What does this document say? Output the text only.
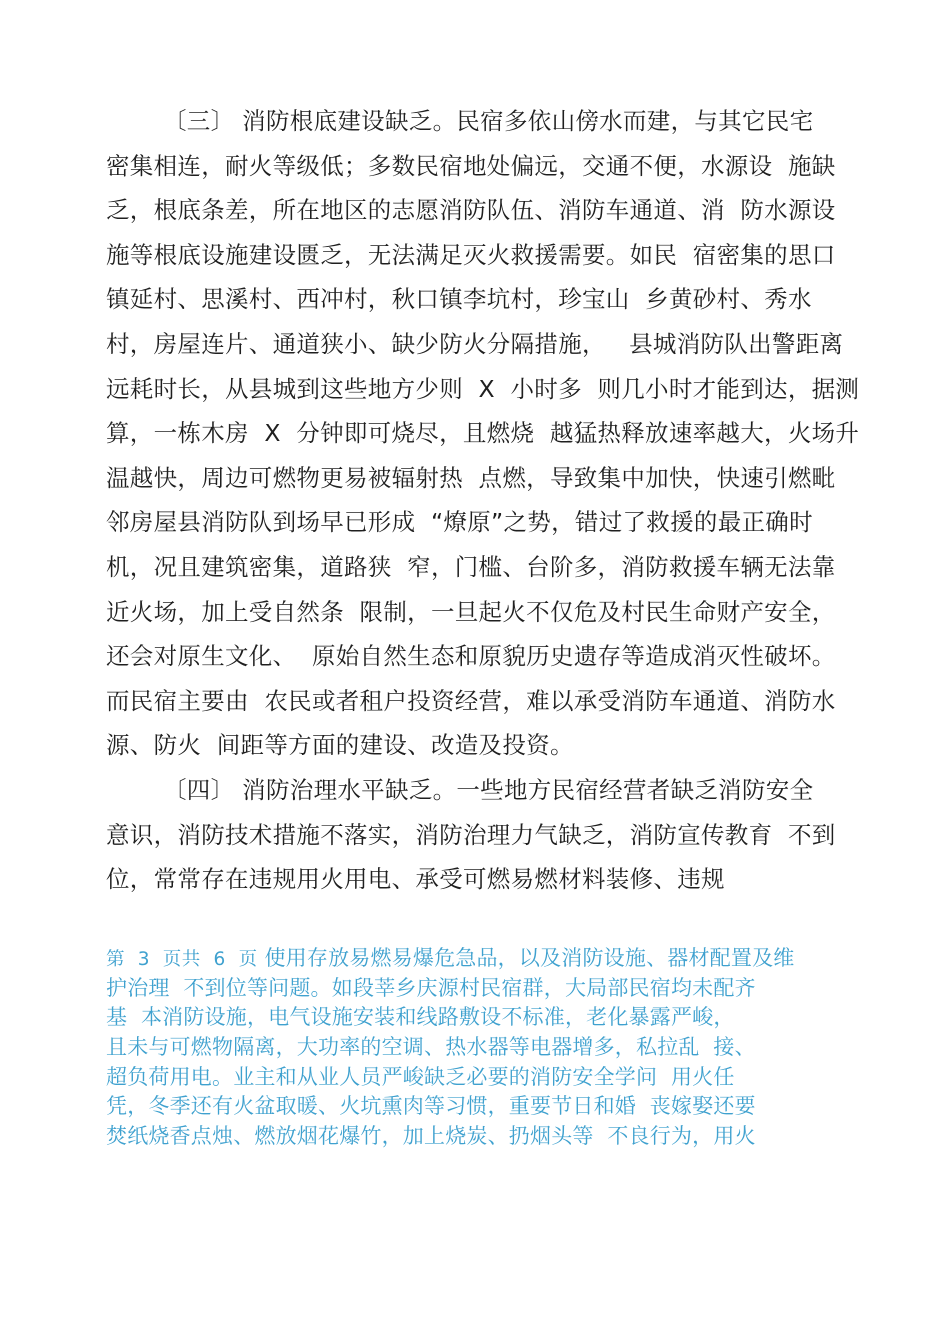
〔三〕 消防根底建设缺乏。民宿多依山傍水而建，与其它民宅
密集相连，耐火等级低；多数民宿地处偏远，交通不便，水源设  施缺
乏，根底条差，所在地区的志愿消防队伍、消防车通道、消  防水源设
施等根底设施建设匮乏，无法满足灭火救援需要。如民  宿密集的思口
镇延村、思溪村、西冲村，秋口镇李坑村，珍宝山  乡黄砂村、秀水
村，房屋连片、通道狭小、缺少防火分隔措施，   县城消防队出警距离
远耗时长，从县城到这些地方少则  X  小时多  则几小时才能到达，据测
算，一栋木房  X  分钟即可烧尽，且燃烧  越猛热释放速率越大，火场升
温越快，周边可燃物更易被辐射热  点燃，导致集中加快，快速引燃毗
邻房屋县消防队到场早已形成  “燎原”之势，错过了救援的最正确时
机，况且建筑密集，道路狭  窄，门槛、台阶多，消防救援车辆无法靠
近火场，加上受自然条  限制，一旦起火不仅危及村民生命财产安全，
还会对原生文化、  原始自然生态和原貌历史遗存等造成消灭性破坏。
而民宿主要由  农民或者租户投资经营，难以承受消防车通道、消防水
源、防火  间距等方面的建设、改造及投资。
〔四〕 消防治理水平缺乏。一些地方民宿经营者缺乏消防安全
意识，消防技术措施不落实，消防治理力气缺乏，消防宣传教育  不到
位，常常存在违规用火用电、承受可燃易燃材料装修、违规
第  3  页共  6  页 使用存放易燃易爆危急品，以及消防设施、器材配置及维
护治理  不到位等问题。如段莘乡庆源村民宿群，大局部民宿均未配齐
基  本消防设施，电气设施安装和线路敷设不标准，老化暴露严峻，
且未与可燃物隔离，大功率的空调、热水器等电器增多，私拉乱  接、
超负荷用电。业主和从业人员严峻缺乏必要的消防安全学问  用火任
凭，冬季还有火盆取暖、火坑熏肉等习惯，重要节日和婚  丧嫁娶还要
焚纸烧香点烛、燃放烟花爆竹，加上烧炭、扔烟头等  不良行为，用火
